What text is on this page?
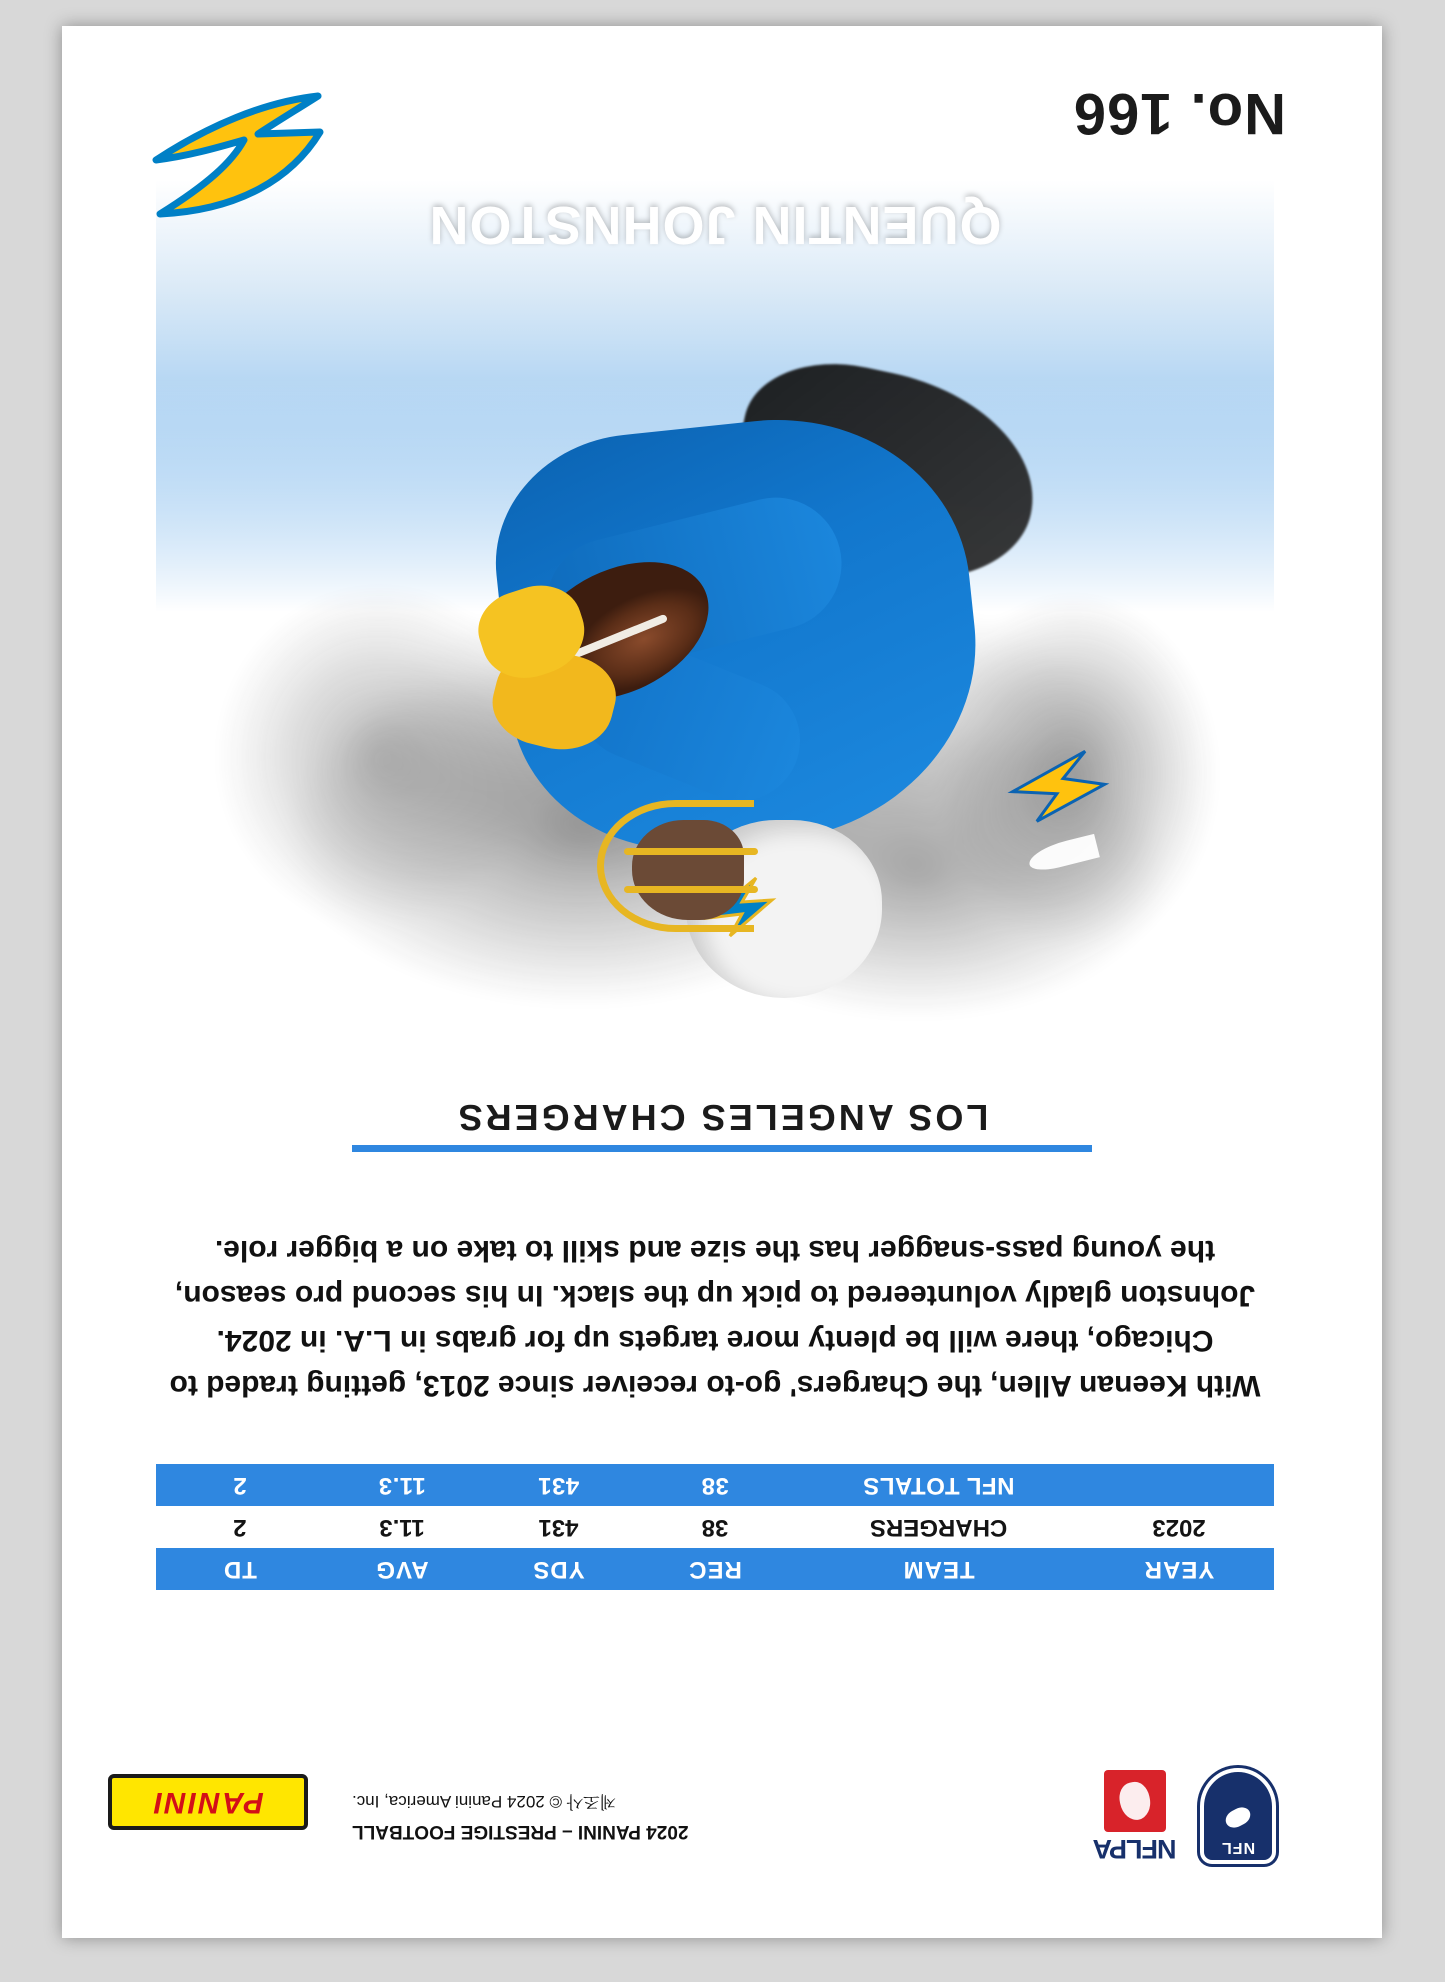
NFL
NFLPA
2024 PANINI – PRESTIGE FOOTBALL
제조사 © 2024 Panini America, Inc.
PANINI
YEAR	TEAM	REC	YDS	AVG	TD
2023	CHARGERS	38	431	11.3	2
	NFL TOTALS	38	431	11.3	2
With Keenan Allen, the Chargers' go-to receiver since 2013, getting traded to Chicago, there will be plenty more targets up for grabs in L.A. in 2024. Johnston gladly volunteered to pick up the slack. In his second pro season, the young pass-snagger has the size and skill to take on a bigger role.
LOS ANGELES CHARGERS
QUENTIN JOHNSTON
No. 166
